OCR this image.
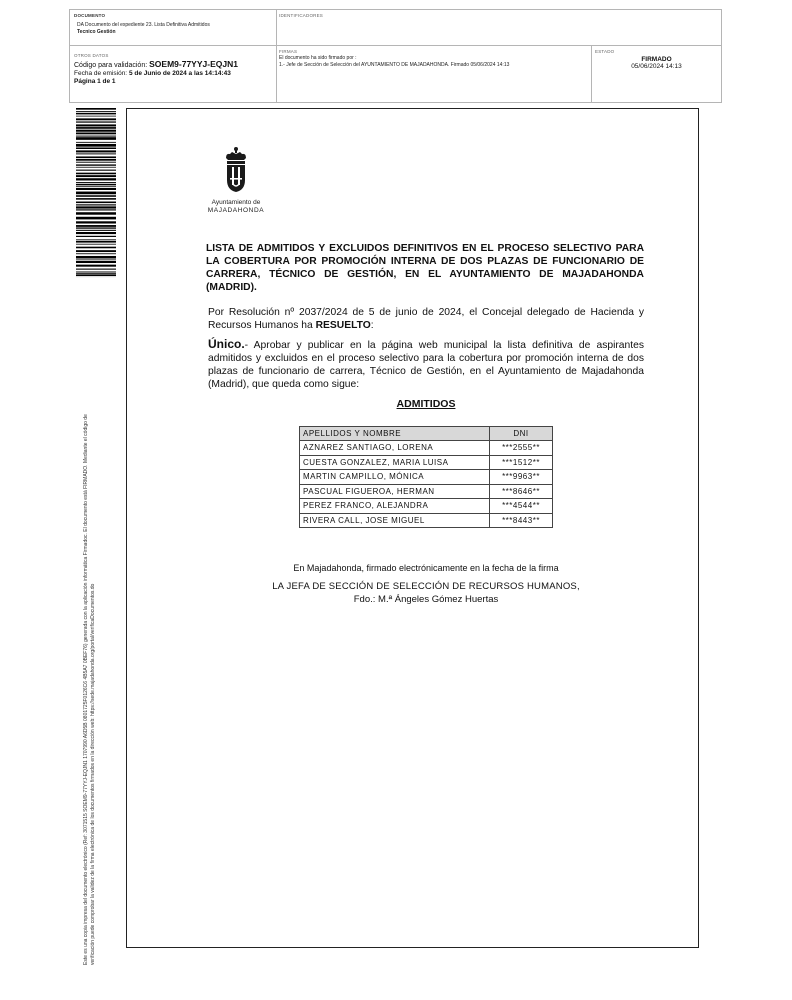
DOCUMENTO
DA Documento del expediente 23. Lista Definitiva Admitidos
Tecnico Gestión
IDENTIFICADORES
OTROS DATOS
Código para validación: SOEM9-77YYJ-EQJN1
Fecha de emisión: 5 de Junio de 2024 a las 14:14:43
Página 1 de 1
FIRMAS
El documento ha sido firmado por :
1.- Jefe de Sección de Selección del AYUNTAMIENTO DE MAJADAHONDA. Firmado 05/06/2024 14:13
ESTADO
FIRMADO
05/06/2024 14:13
Este es una copia impresa del documento electrónico (Ref: 3071515 SOEM9-77YYJ-EQJN1 1707990 A6D5B 0801725F0126C6 4B5A7 0BEF76) generada con la aplicación informática Firmadoc. El documento está FIRMADO. Mediante el código de verificación puede comprobar la validez de la firma electrónica de los documentos firmados en la dirección web: https://sede.majadahonda.org/portal/verificaDocumentos.do
Ayuntamiento de
MAJADAHONDA
LISTA DE ADMITIDOS Y EXCLUIDOS DEFINITIVOS EN EL PROCESO SELECTIVO PARA LA COBERTURA POR PROMOCIÓN INTERNA DE DOS PLAZAS DE FUNCIONARIO DE CARRERA, TÉCNICO DE GESTIÓN, EN EL AYUNTAMIENTO DE MAJADAHONDA (MADRID).
Por Resolución nº 2037/2024 de 5 de junio de 2024, el Concejal delegado de Hacienda y Recursos Humanos ha RESUELTO:
Único.- Aprobar y publicar en la página web municipal la lista definitiva de aspirantes admitidos y excluidos en el proceso selectivo para la cobertura por promoción interna de dos plazas de funcionario de carrera, Técnico de Gestión, en el Ayuntamiento de Majadahonda (Madrid), que queda como sigue:
ADMITIDOS
APELLIDOS Y NOMBRE	DNI
AZNAREZ SANTIAGO, LORENA	***2555**
CUESTA GONZALEZ, MARIA LUISA	***1512**
MARTIN CAMPILLO, MÓNICA	***9963**
PASCUAL FIGUEROA, HERMAN	***8646**
PEREZ FRANCO, ALEJANDRA	***4544**
RIVERA CALL, JOSE MIGUEL	***8443**
En Majadahonda, firmado electrónicamente en la fecha de la firma
LA JEFA DE SECCIÓN DE SELECCIÓN DE RECURSOS HUMANOS,
Fdo.: M.ª Ángeles Gómez Huertas
